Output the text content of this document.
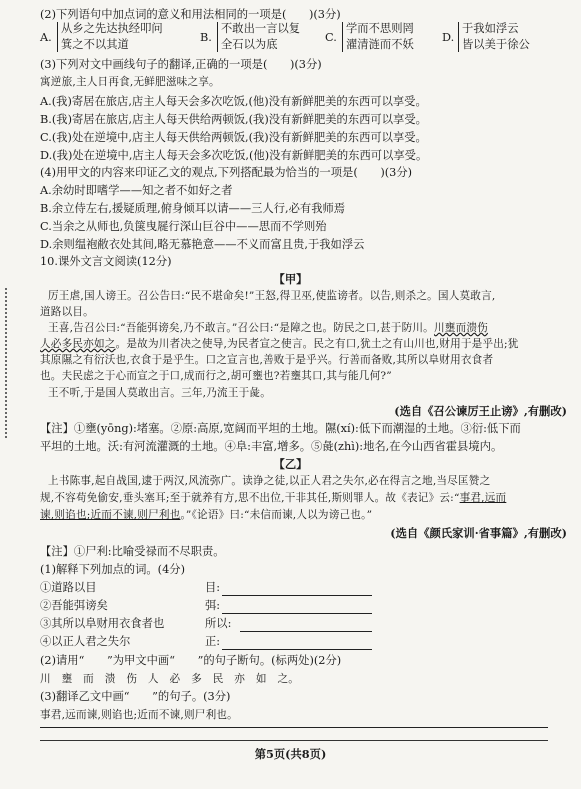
(2)下列语句中加点词的意义和用法相同的一项是(　　)(3分)
A.
从乡之先达执经叩问
箕之不以其道
B.
不敢出一言以复
全石以为底
C.
学而不思则罔
濯清涟而不妖
D.
于我如浮云
皆以美于徐公
(3)下列对文中画线句子的翻译,正确的一项是(　　)(3分)
寓逆旅,主人日再食,无鲜肥滋味之享。
A.(我)寄居在旅店,店主人每天会多次吃饭,(他)没有新鲜肥美的东西可以享受。
B.(我)寄居在旅店,店主人每天供给两顿饭,(我)没有新鲜肥美的东西可以享受。
C.(我)处在逆境中,店主人每天供给两顿饭,(我)没有新鲜肥美的东西可以享受。
D.(我)处在逆境中,店主人每天会多次吃饭,(他)没有新鲜肥美的东西可以享受。
(4)用甲文的内容来印证乙文的观点,下列搭配最为恰当的一项是(　　)(3分)
A.余幼时即嗜学——知之者不如好之者
B.余立侍左右,援疑质理,俯身倾耳以请——三人行,必有我师焉
C.当余之从师也,负箧曳屣行深山巨谷中——思而不学则殆
D.余则缊袍敝衣处其间,略无慕艳意——不义而富且贵,于我如浮云
10.课外文言文阅读(12分)
【甲】
厉王虐,国人谤王。召公告曰:“民不堪命矣!”王怒,得卫巫,使监谤者。以告,则杀之。国人莫敢言,
道路以目。
王喜,告召公曰:“吾能弭谤矣,乃不敢言。”召公曰:“是障之也。防民之口,甚于防川。川壅而溃伤
人必多民亦如之。是故为川者决之使导,为民者宣之使言。民之有口,犹土之有山川也,财用于是乎出;犹
其原隰之有衍沃也,衣食于是乎生。口之宣言也,善败于是乎兴。行善而备败,其所以阜财用衣食者
也。夫民虑之于心而宣之于口,成而行之,胡可壅也?若壅其口,其与能几何?”
王不听,于是国人莫敢出言。三年,乃流王于彘。
(选自《召公谏厉王止谤》,有删改)
【注】①壅(yōng):堵塞。②原:高原,宽阔而平坦的土地。隰(xí):低下而潮湿的土地。③衍:低下而
平坦的土地。沃:有河流灌溉的土地。④阜:丰富,增多。⑤彘(zhì):地名,在今山西省霍县境内。
【乙】
上书陈事,起自战国,逮于两汉,风流弥广。读诤之徒,以正人君之失尔,必在得言之地,当尽匡赞之
规,不容苟免偷安,垂头塞耳;至于就养有方,思不出位,干非其任,斯则罪人。故《表记》云:“事君,远而
谏,则谄也;近而不谏,则尸利也。”《论语》曰:“未信而谏,人以为谤己也。”
(选自《颜氏家训·省事篇》,有删改)
【注】①尸利:比喻受禄而不尽职责。
(1)解释下列加点的词。(4分)
①道路以目	目:
②吾能弭谤矣	弭:
③其所以阜财用衣食者也	所以:
④以正人君之失尔	正:
(2)请用“　　”为甲文中画“　　”的句子断句。(标两处)(2分)
川　壅　而　溃　伤　人　必　多　民　亦　如　之。
(3)翻译乙文中画“　　”的句子。(3分)
事君,远而谏,则谄也;近而不谏,则尸利也。
第5页(共8页)
